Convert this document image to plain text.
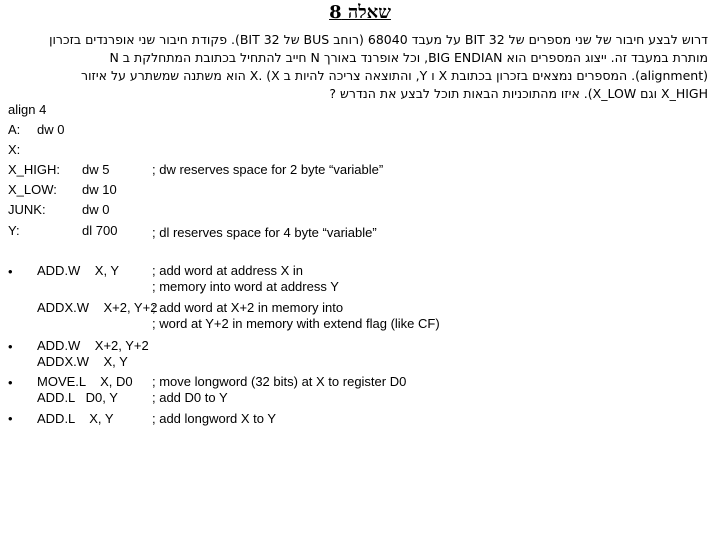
שאלה 8
דרוש לבצע חיבור של שני מספרים של 32 BIT על מעבד 68040 (רוחב BUS של 32 BIT). פקודת חיבור שני אופרנדים בזכרון
מותרת במעבד זה. ייצוג המספרים הוא BIG ENDIAN, וכל אופרנד באורך N חייב להתחיל בכתובת המתחלקת ב N
(alignment). המספרים נמצאים בזכרון בכתובת X ו Y, והתוצאה צריכה להיות ב X. (X הוא משתנה שמשתרע על איזור
X_HIGH וגם X_LOW). איזו מהתוכניות הבאות תוכל לבצע את הנדרש ?
align 4
A: dw 0
X:
X_HIGH: dw 5	; dw reserves space for 2 byte “variable”
X_LOW: dw 10
JUNK:	dw 0
Y:	dl 700	; dl reserves space for 4 byte “variable”
• ADD.W    X, Y	; add word at address X in
; memory into word at address Y
ADDX.W    X+2, Y+2
; add word at X+2 in memory into
; word at Y+2 in memory with extend flag (like CF)
• ADD.W    X+2, Y+2
ADDX.W    X, Y
• MOVE.L    X, D0 ; move longword (32 bits) at X to register D0
ADD.L   D0, Y	; add D0 to Y
• ADD.L    X, Y	; add longword X to Y
